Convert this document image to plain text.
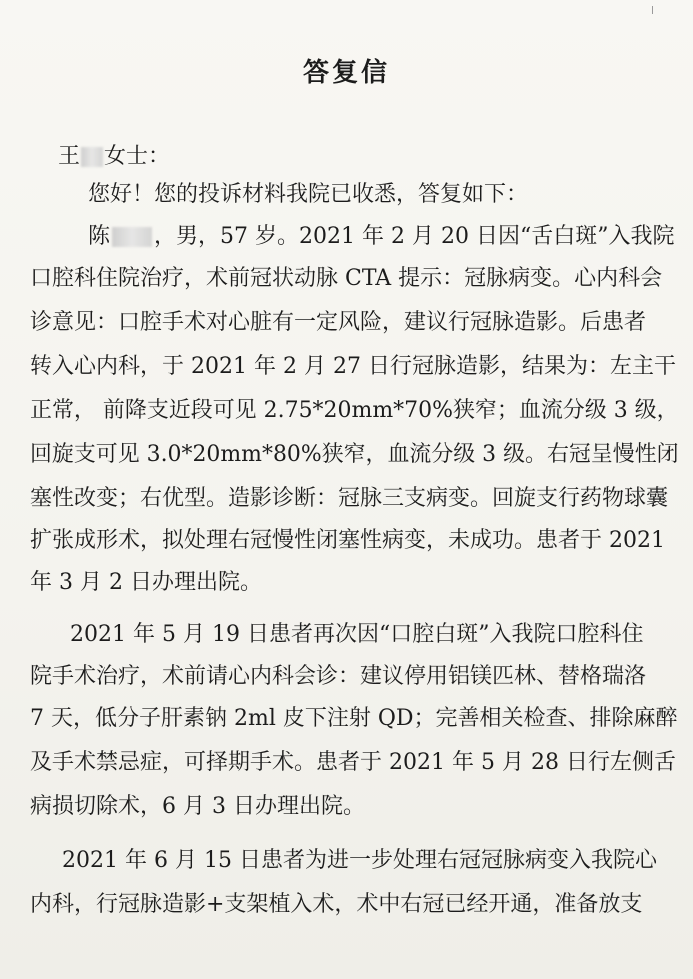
答复信
王 女士：
您好！您的投诉材料我院已收悉，答复如下：
陈 ，男，57 岁。2021 年 2 月 20 日因“舌白斑”入我院
口腔科住院治疗，术前冠状动脉 CTA 提示：冠脉病变。心内科会
诊意见：口腔手术对心脏有一定风险，建议行冠脉造影。后患者
转入心内科，于 2021 年 2 月 27 日行冠脉造影，结果为：左主干
正常， 前降支近段可见 2.75*20mm*70%狭窄；血流分级 3 级，
回旋支可见 3.0*20mm*80%狭窄，血流分级 3 级。右冠呈慢性闭
塞性改变；右优型。造影诊断：冠脉三支病变。回旋支行药物球囊
扩张成形术，拟处理右冠慢性闭塞性病变，未成功。患者于 2021
年 3 月 2 日办理出院。
2021 年 5 月 19 日患者再次因“口腔白斑”入我院口腔科住
院手术治疗，术前请心内科会诊：建议停用铝镁匹林、替格瑞洛
7 天，低分子肝素钠 2ml 皮下注射 QD；完善相关检查、排除麻醉
及手术禁忌症，可择期手术。患者于 2021 年 5 月 28 日行左侧舌
病损切除术，6 月 3 日办理出院。
2021 年 6 月 15 日患者为进一步处理右冠冠脉病变入我院心
内科，行冠脉造影+支架植入术，术中右冠已经开通，准备放支
